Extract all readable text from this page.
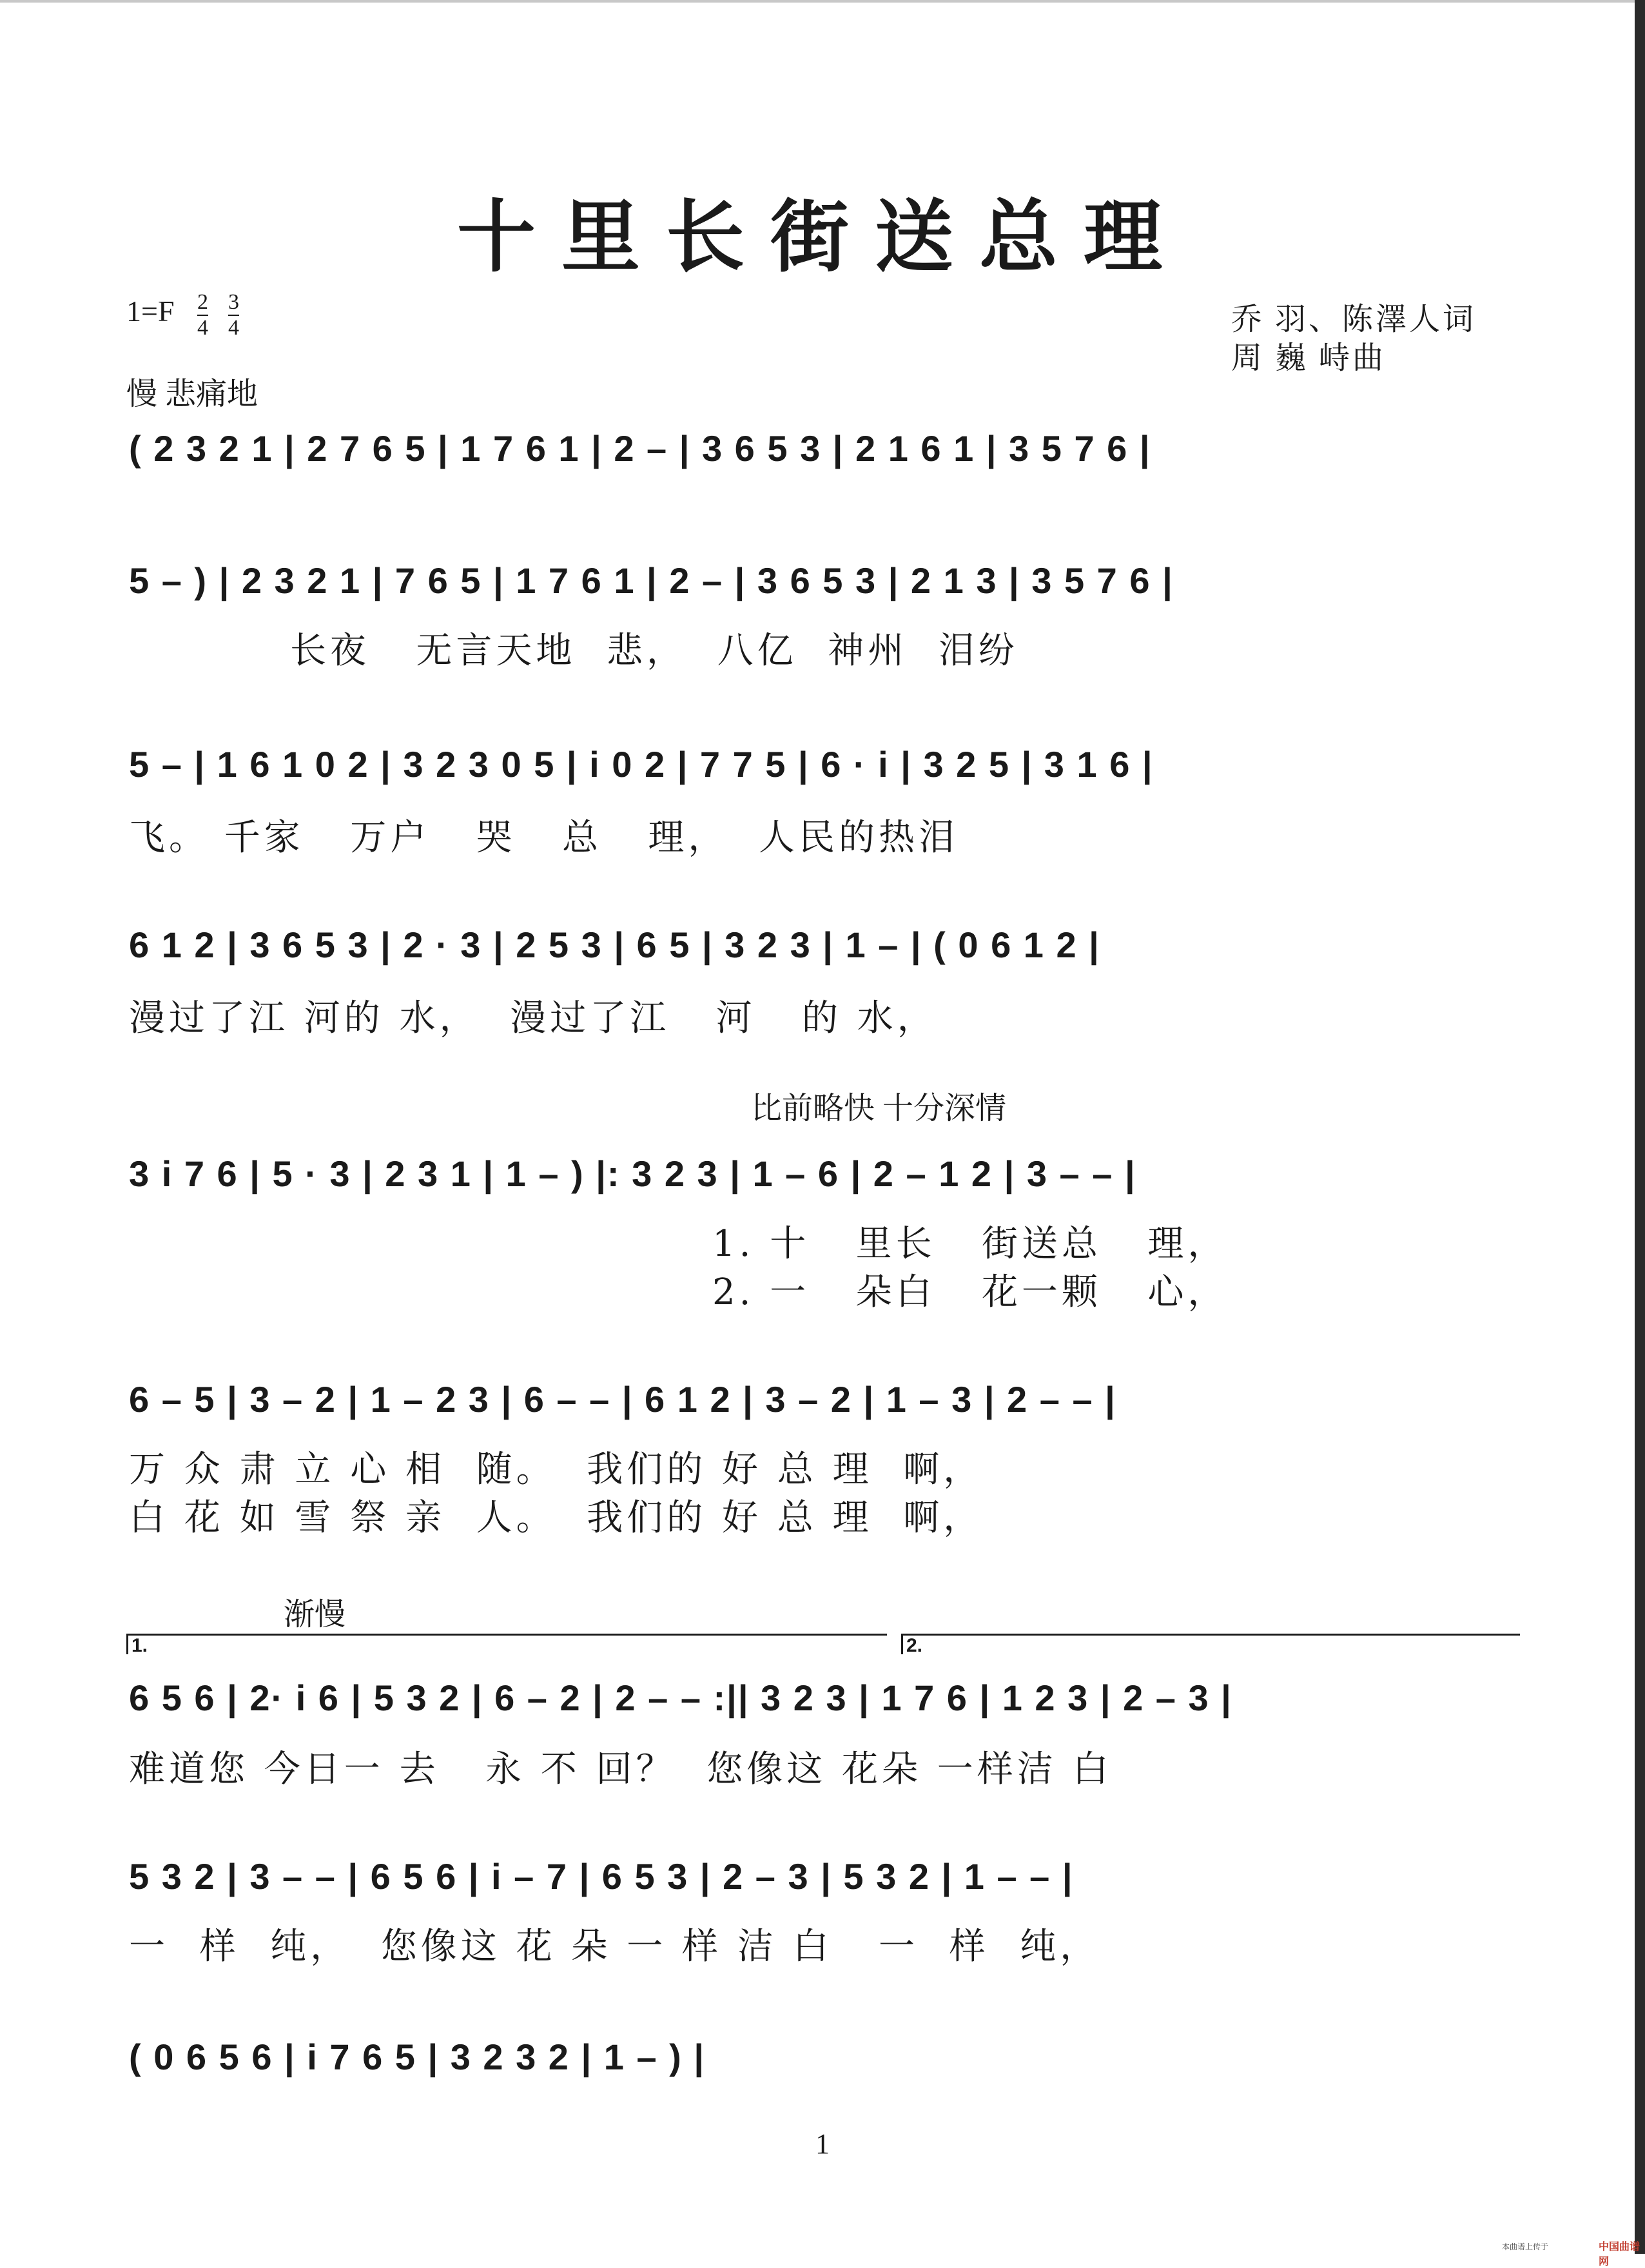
十里长街送总理
$1=F \frac{2}{4} \frac{3}{4}$	乔 羽、陈澤人词
周 巍 峙曲
慢 悲痛地
( 2 3 2 1 | 2 7 6 5 | 1 7 6 1 | 2 – | 3 6 5 3 | 2 1 6 1 | 3 5 7 6 |
5 – ) | 2 3 2 1 | 7 6 5 | 1 7 6 1 | 2 – | 3 6 5 3 | 2 1 3 | 3 5 7 6 |
长夜   无言天地  悲，  八亿  神州  泪纷
5 – | 1 6 1 0 2 | 3 2 3 0 5 | i 0 2 | 7 7 5 | 6 · i | 3 2 5 | 3 1 6 |
飞。 千家   万户   哭   总   理，  人民的热泪
6 1 2 | 3 6 5 3 | 2 · 3 | 2 5 3 | 6 5 | 3 2 3 | 1 – | ( 0 6 1 2 |
漫过了江 河的 水，  漫过了江   河   的 水，
比前略快 十分深情
3 i 7 6 | 5 · 3 | 2 3 1 | 1 – ) |: 3 2 3 | 1 – 6 | 2 – 1 2 | 3 – – |
1. 十   里长   街送总   理，
2. 一   朵白   花一颗   心，
6 – 5 | 3 – 2 | 1 – 2 3 | 6 – – | 6 1 2 | 3 – 2 | 1 – 3 | 2 – – |
万 众 肃 立 心 相  随。  我们的 好 总 理  啊，
白 花 如 雪 祭 亲  人。  我们的 好 总 理  啊，
渐慢
1.	2.
6 5 6 | 2· i 6 | 5 3 2 | 6 – 2 | 2 – – :|| 3 2 3 | 1 7 6 | 1 2 3 | 2 – 3 |
难道您 今日一 去   永 不 回？  您像这 花朵 一样洁 白
5 3 2 | 3 – – | 6 5 6 | i – 7 | 6 5 3 | 2 – 3 | 5 3 2 | 1 – – |
一  样  纯，  您像这 花 朵 一 样 洁 白   一  样  纯，
( 0 6 5 6 | i 7 6 5 | 3 2 3 2 | 1 – ) |
1
本曲谱上传于	中国曲谱网
